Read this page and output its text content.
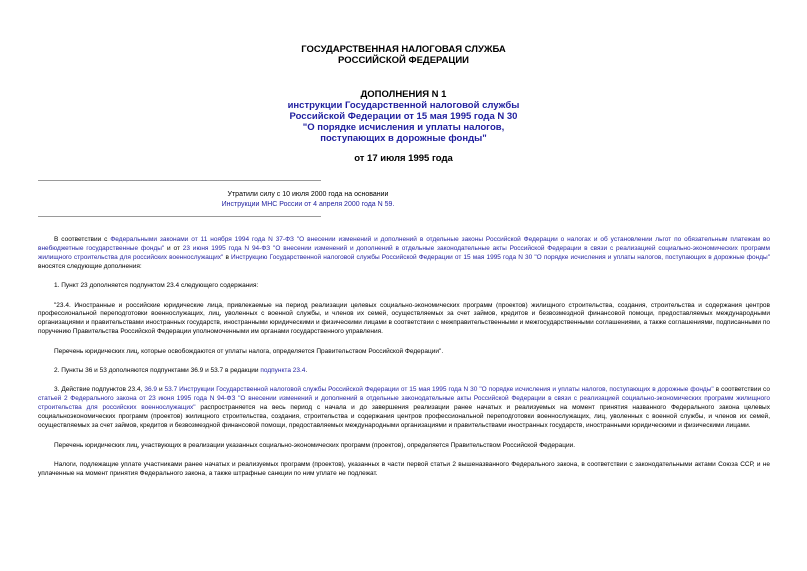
ГОСУДАРСТВЕННАЯ НАЛОГОВАЯ СЛУЖБА
РОССИЙСКОЙ ФЕДЕРАЦИИ
ДОПОЛНЕНИЯ N 1
инструкции Государственной налоговой службы
Российской Федерации от 15 мая 1995 года N 30
"О порядке исчисления и уплаты налогов,
поступающих в дорожные фонды"
от 17 июля 1995 года
Утратили силу с 10 июля 2000 года на основании
Инструкции МНС России от 4 апреля 2000 года N 59.

В соответствии с Федеральными законами от 11 ноября 1994 года N 37-ФЗ "О внесении изменений и дополнений в отдельные законы Российской Федерации о налогах и об установлении льгот по обязательным платежам во внебюджетные государственные фонды" и от 23 июня 1995 года N 94-ФЗ "О внесении изменений и дополнений в отдельные законодательные акты Российской Федерации в связи с реализацией социально-экономических программ жилищного строительства для российских военнослужащих" в Инструкцию Государственной налоговой службы Российской Федерации от 15 мая 1995 года N 30 "О порядке исчисления и уплаты налогов, поступающих в дорожные фонды" вносятся следующие дополнения:

1. Пункт 23 дополняется подпунктом 23.4 следующего содержания:

"23.4. Иностранные и российские юридические лица, привлекаемые на период реализации целевых социально-экономических программ (проектов) жилищного строительства, создания, строительства и содержания центров профессиональной переподготовки военнослужащих, лиц, уволенных с военной службы, и членов их семей, осуществляемых за счет займов, кредитов и безвозмездной финансовой помощи, предоставляемых международными организациями и правительствами иностранных государств, иностранными юридическими и физическими лицами в соответствии с межправительственными и межгосударственными соглашениями, а также соглашениями, подписанными по поручению Правительства Российской Федерации уполномоченными им органами государственного управления.

Перечень юридических лиц, которые освобождаются от уплаты налога, определяется Правительством Российской Федерации".

2. Пункты 36 и 53 дополняются подпунктами 36.9 и 53.7 в редакции подпункта 23.4.

3. Действие подпунктов 23.4, 36.9 и 53.7 Инструкции Государственной налоговой службы Российской Федерации от 15 мая 1995 года N 30 "О порядке исчисления и уплаты налогов, поступающих в дорожные фонды" в соответствии со статьей 2 Федерального закона от 23 июня 1995 года N 94-ФЗ "О внесении изменений и дополнений в отдельные законодательные акты Российской Федерации в связи с реализацией социально-экономических программ жилищного строительства для российских военнослужащих" распространяется на весь период с начала и до завершения реализации ранее начатых и реализуемых на момент принятия названного Федерального закона целевых социальноэкономических программ (проектов) жилищного строительства, создания, строительства и содержания центров профессиональной переподготовки военнослужащих, лиц, уволенных с военной службы, и членов их семей, осуществляемых за счет займов, кредитов и безвозмездной финансовой помощи, предоставляемых международными организациями и правительствами иностранных государств, иностранными юридическими и физическими лицами.

Перечень юридических лиц, участвующих в реализации указанных социально-экономических программ (проектов), определяется Правительством Российской Федерации.

Налоги, подлежащие уплате участниками ранее начатых и реализуемых программ (проектов), указанных в части первой статьи 2 вышеназванного Федерального закона, в соответствии с законодательными актами Союза ССР, и не уплаченные на момент принятия Федерального закона, а также штрафные санкции по ним уплате не подлежат.
